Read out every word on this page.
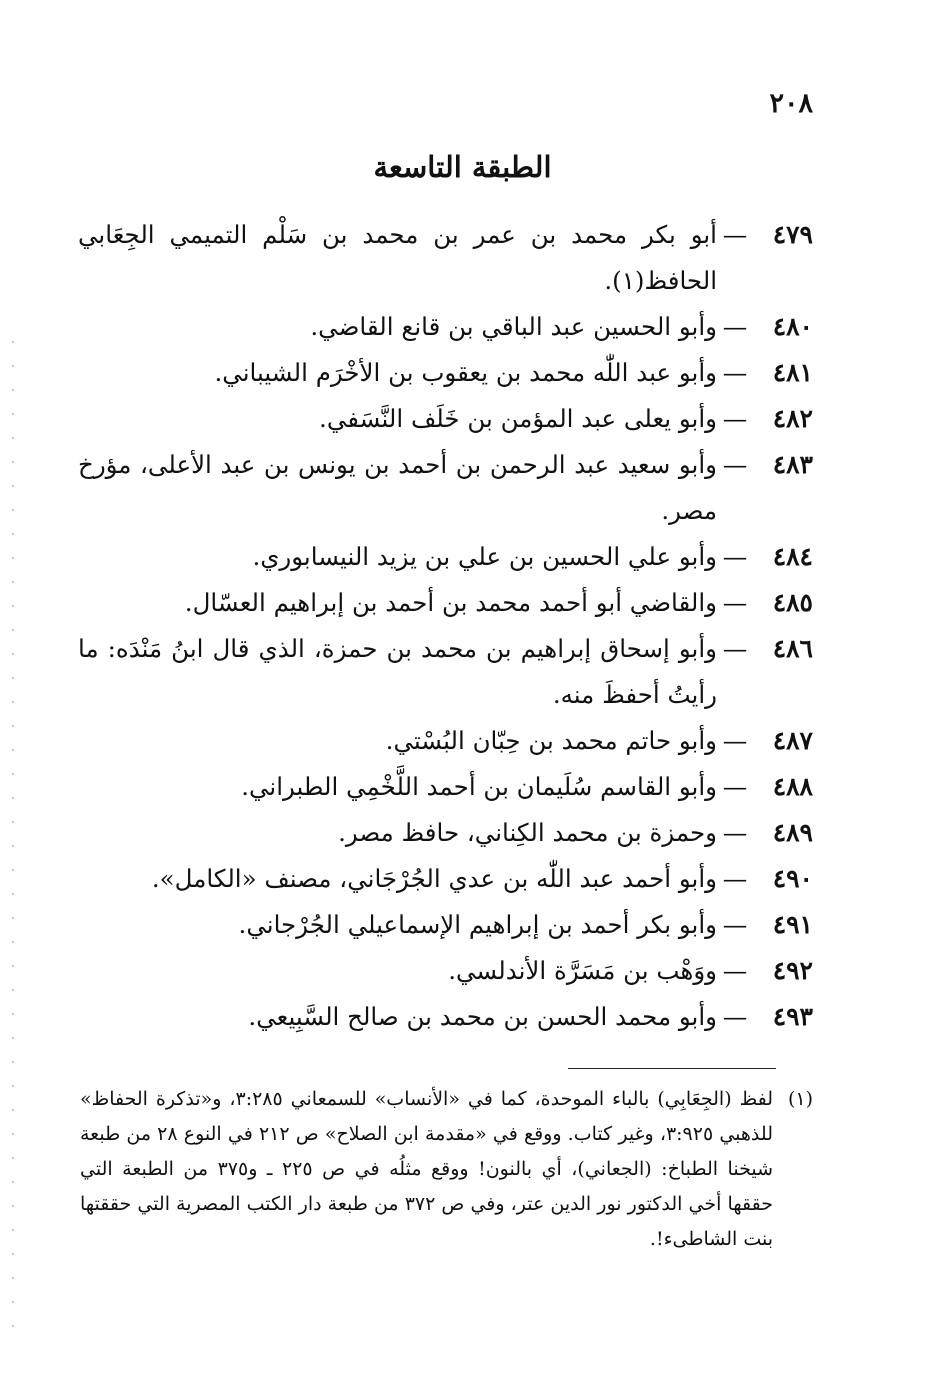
٢٠٨
الطبقة التاسعة
٤٧٩
—
أبو بكر محمد بن عمر بن محمد بن سَلْم التميمي الجِعَابي الحافظ(١).
٤٨٠
—
وأبو الحسين عبد الباقي بن قانع القاضي.
٤٨١
—
وأبو عبد اللّٰه محمد بن يعقوب بن الأخْرَم الشيباني.
٤٨٢
—
وأبو يعلى عبد المؤمن بن خَلَف النَّسَفي.
٤٨٣
—
وأبو سعيد عبد الرحمن بن أحمد بن يونس بن عبد الأعلى، مؤرخ مصر.
٤٨٤
—
وأبو علي الحسين بن علي بن يزيد النيسابوري.
٤٨٥
—
والقاضي أبو أحمد محمد بن أحمد بن إبراهيم العسّال.
٤٨٦
—
وأبو إسحاق إبراهيم بن محمد بن حمزة، الذي قال ابنُ مَنْدَه: ما رأيتُ أحفظَ منه.
٤٨٧
—
وأبو حاتم محمد بن حِبّان البُسْتي.
٤٨٨
—
وأبو القاسم سُلَيمان بن أحمد اللَّخْمِي الطبراني.
٤٨٩
—
وحمزة بن محمد الكِناني، حافظ مصر.
٤٩٠
—
وأبو أحمد عبد اللّٰه بن عدي الجُرْجَاني، مصنف «الكامل».
٤٩١
—
وأبو بكر أحمد بن إبراهيم الإسماعيلي الجُرْجاني.
٤٩٢
—
ووَهْب بن مَسَرَّة الأندلسي.
٤٩٣
—
وأبو محمد الحسن بن محمد بن صالح السَّبِيعي.
(١)
لفظ (الجِعَابِي) بالباء الموحدة، كما في «الأنساب» للسمعاني ٣:٢٨٥، و«تذكرة الحفاظ» للذهبي ٣:٩٢٥، وغير كتاب. ووقع في «مقدمة ابن الصلاح» ص ٢١٢ في النوع ٢٨ من طبعة شيخنا الطباخ: (الجعاني)، أي بالنون! ووقع مثلُه في ص ٢٢٥ ـ و٣٧٥ من الطبعة التي حققها أخي الدكتور نور الدين عتر، وفي ص ٣٧٢ من طبعة دار الكتب المصرية التي حققتها بنت الشاطىء!.
